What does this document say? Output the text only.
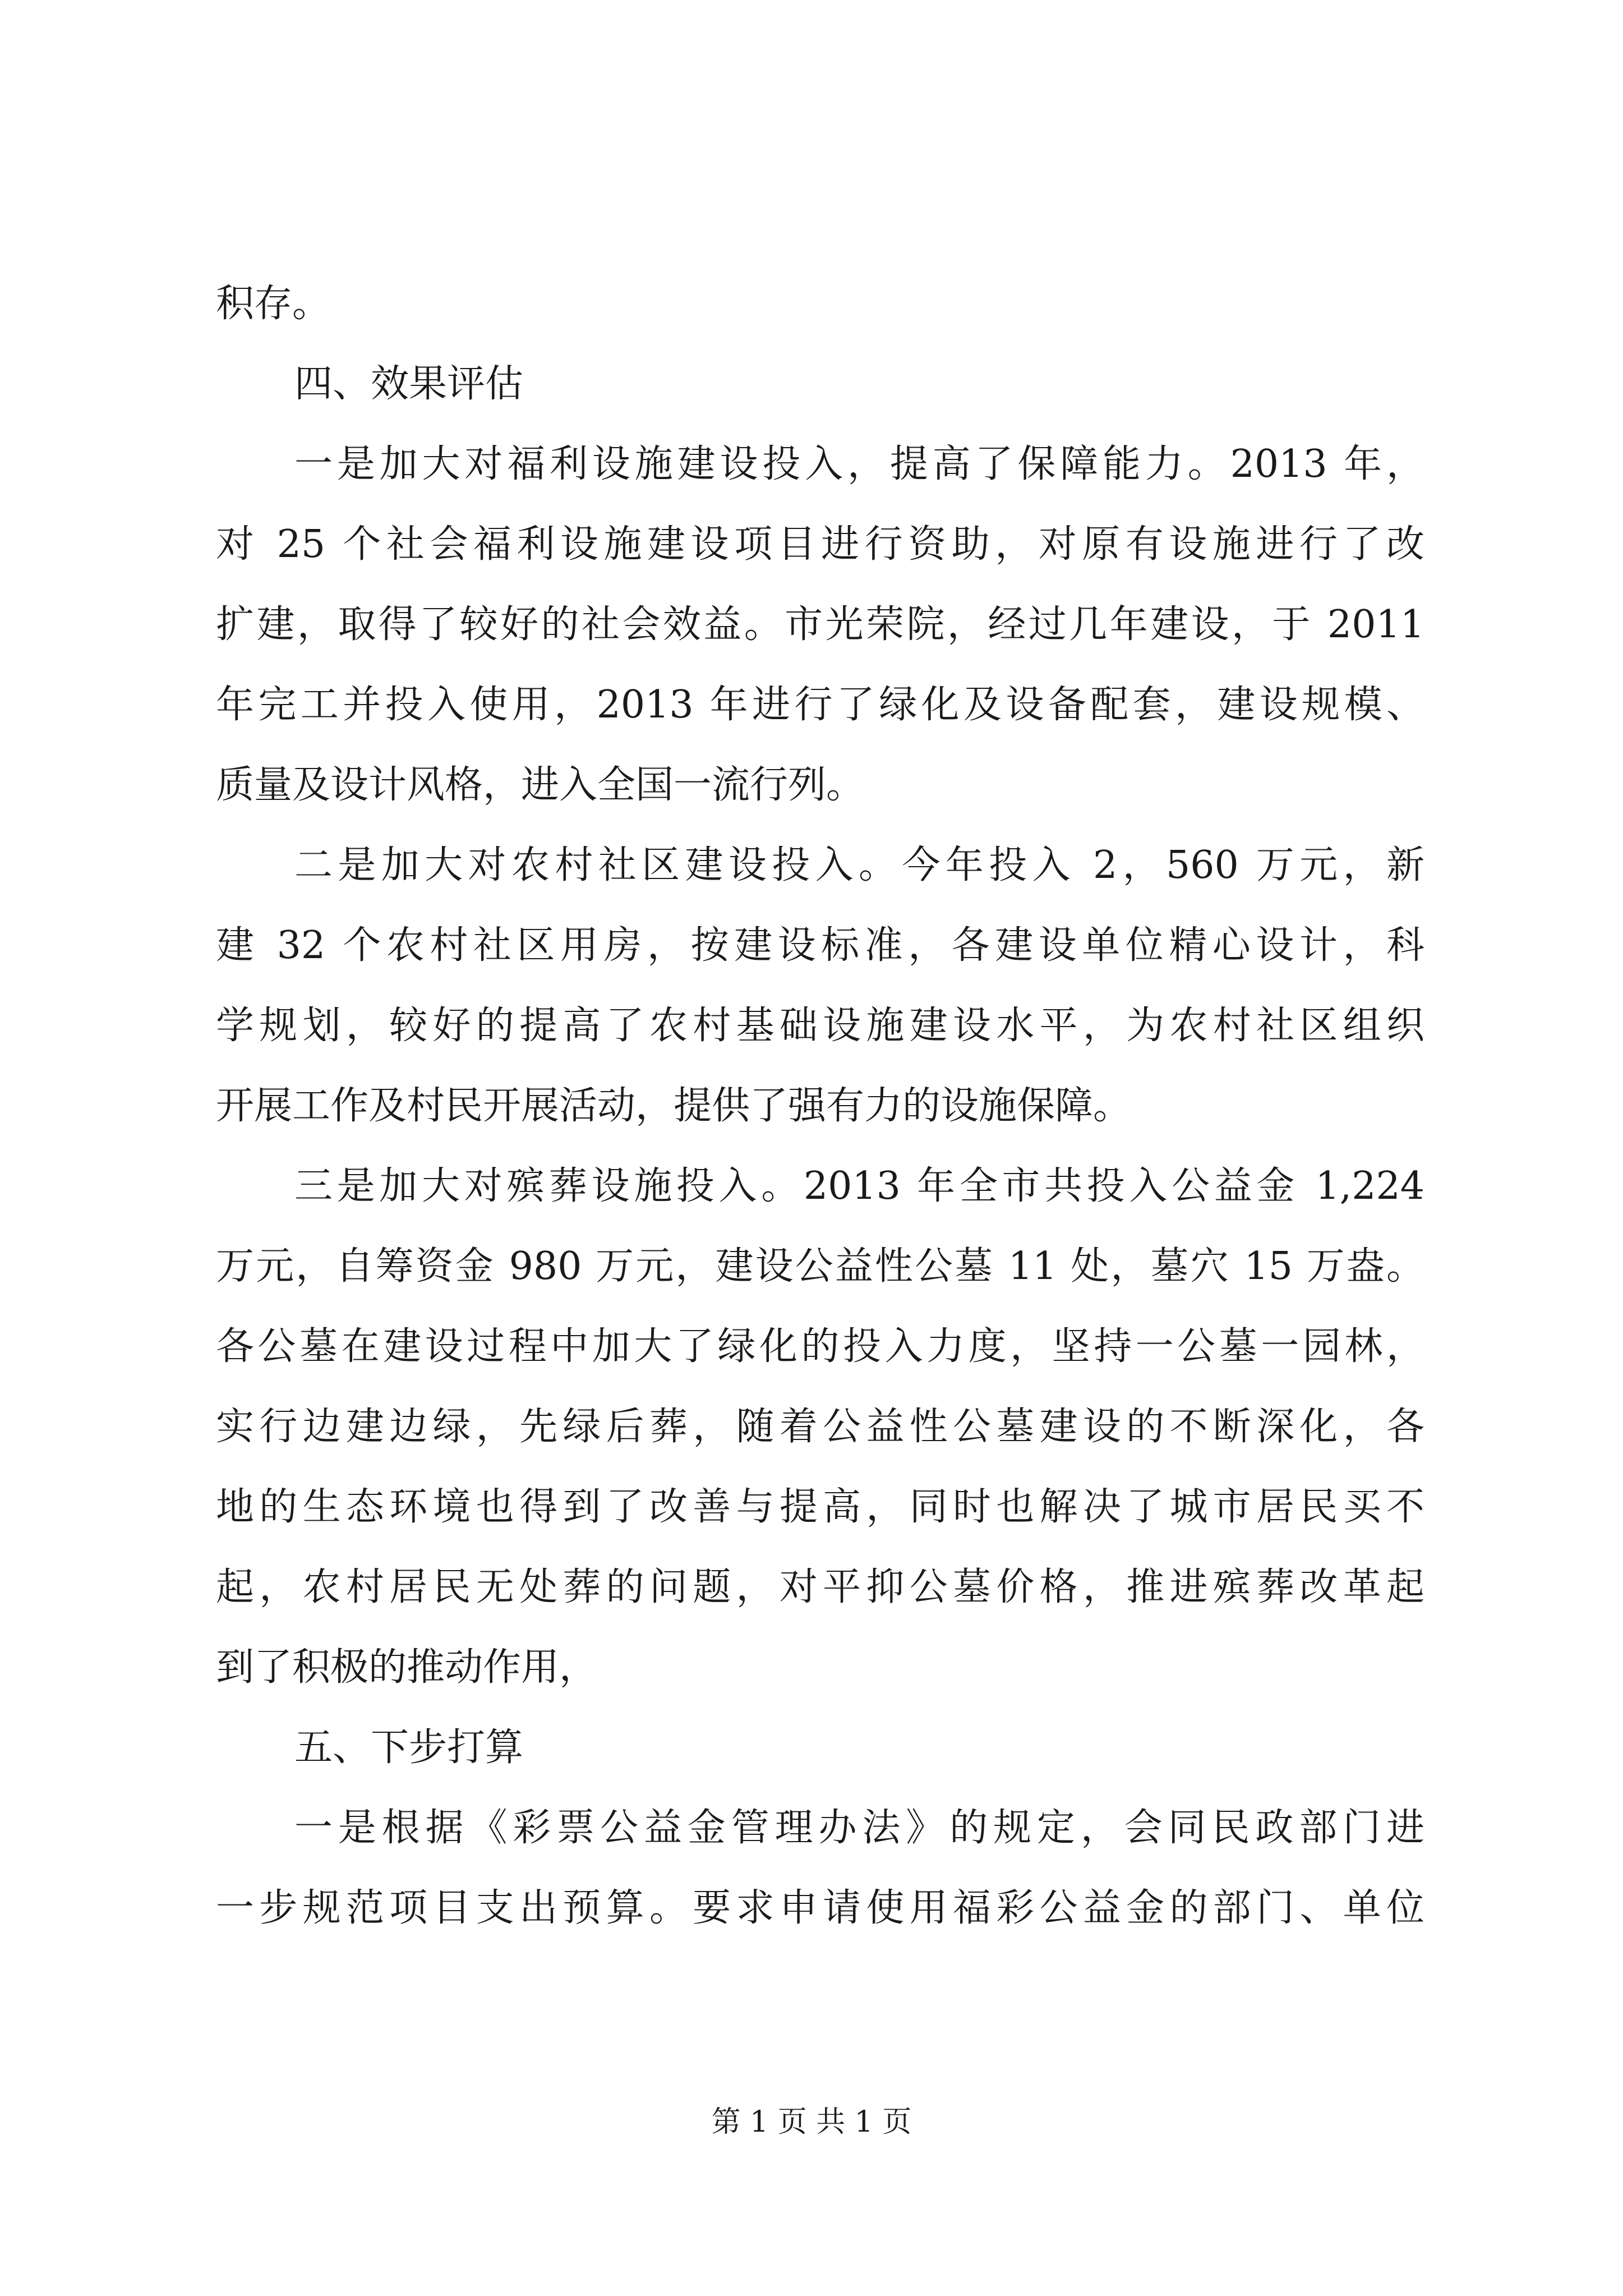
积存。
四、效果评估
一是加大对福利设施建设投入，提高了保障能力。2013 年，
对 25 个社会福利设施建设项目进行资助，对原有设施进行了改
扩建，取得了较好的社会效益。市光荣院，经过几年建设，于 2011
年完工并投入使用，2013 年进行了绿化及设备配套，建设规模、
质量及设计风格，进入全国一流行列。
二是加大对农村社区建设投入。今年投入 2，560 万元，新
建 32 个农村社区用房，按建设标准，各建设单位精心设计，科
学规划，较好的提高了农村基础设施建设水平，为农村社区组织
开展工作及村民开展活动，提供了强有力的设施保障。
三是加大对殡葬设施投入。2013 年全市共投入公益金 1,224
万元，自筹资金 980 万元，建设公益性公墓 11 处，墓穴 15 万盎。
各公墓在建设过程中加大了绿化的投入力度，坚持一公墓一园林，
实行边建边绿，先绿后葬，随着公益性公墓建设的不断深化，各
地的生态环境也得到了改善与提高，同时也解决了城市居民买不
起，农村居民无处葬的问题，对平抑公墓价格，推进殡葬改革起
到了积极的推动作用，
五、下步打算
一是根据《彩票公益金管理办法》的规定，会同民政部门进
一步规范项目支出预算。要求申请使用福彩公益金的部门、单位
第 1 页 共 1 页
